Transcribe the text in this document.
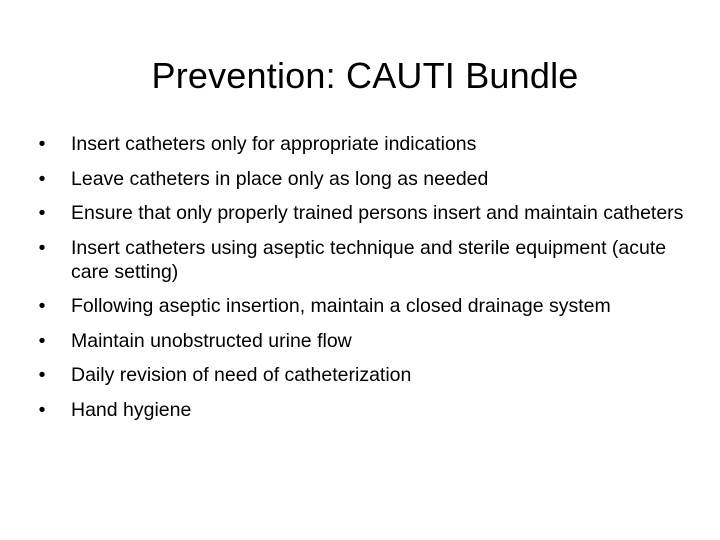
Prevention: CAUTI Bundle
• Insert catheters only for appropriate indications
• Leave catheters in place only as long as needed
• Ensure that only properly trained persons insert and maintain catheters
• Insert catheters using aseptic technique and sterile equipment (acute care setting)
• Following aseptic insertion, maintain a closed drainage system
• Maintain unobstructed urine flow
• Daily revision of need of catheterization
• Hand hygiene
